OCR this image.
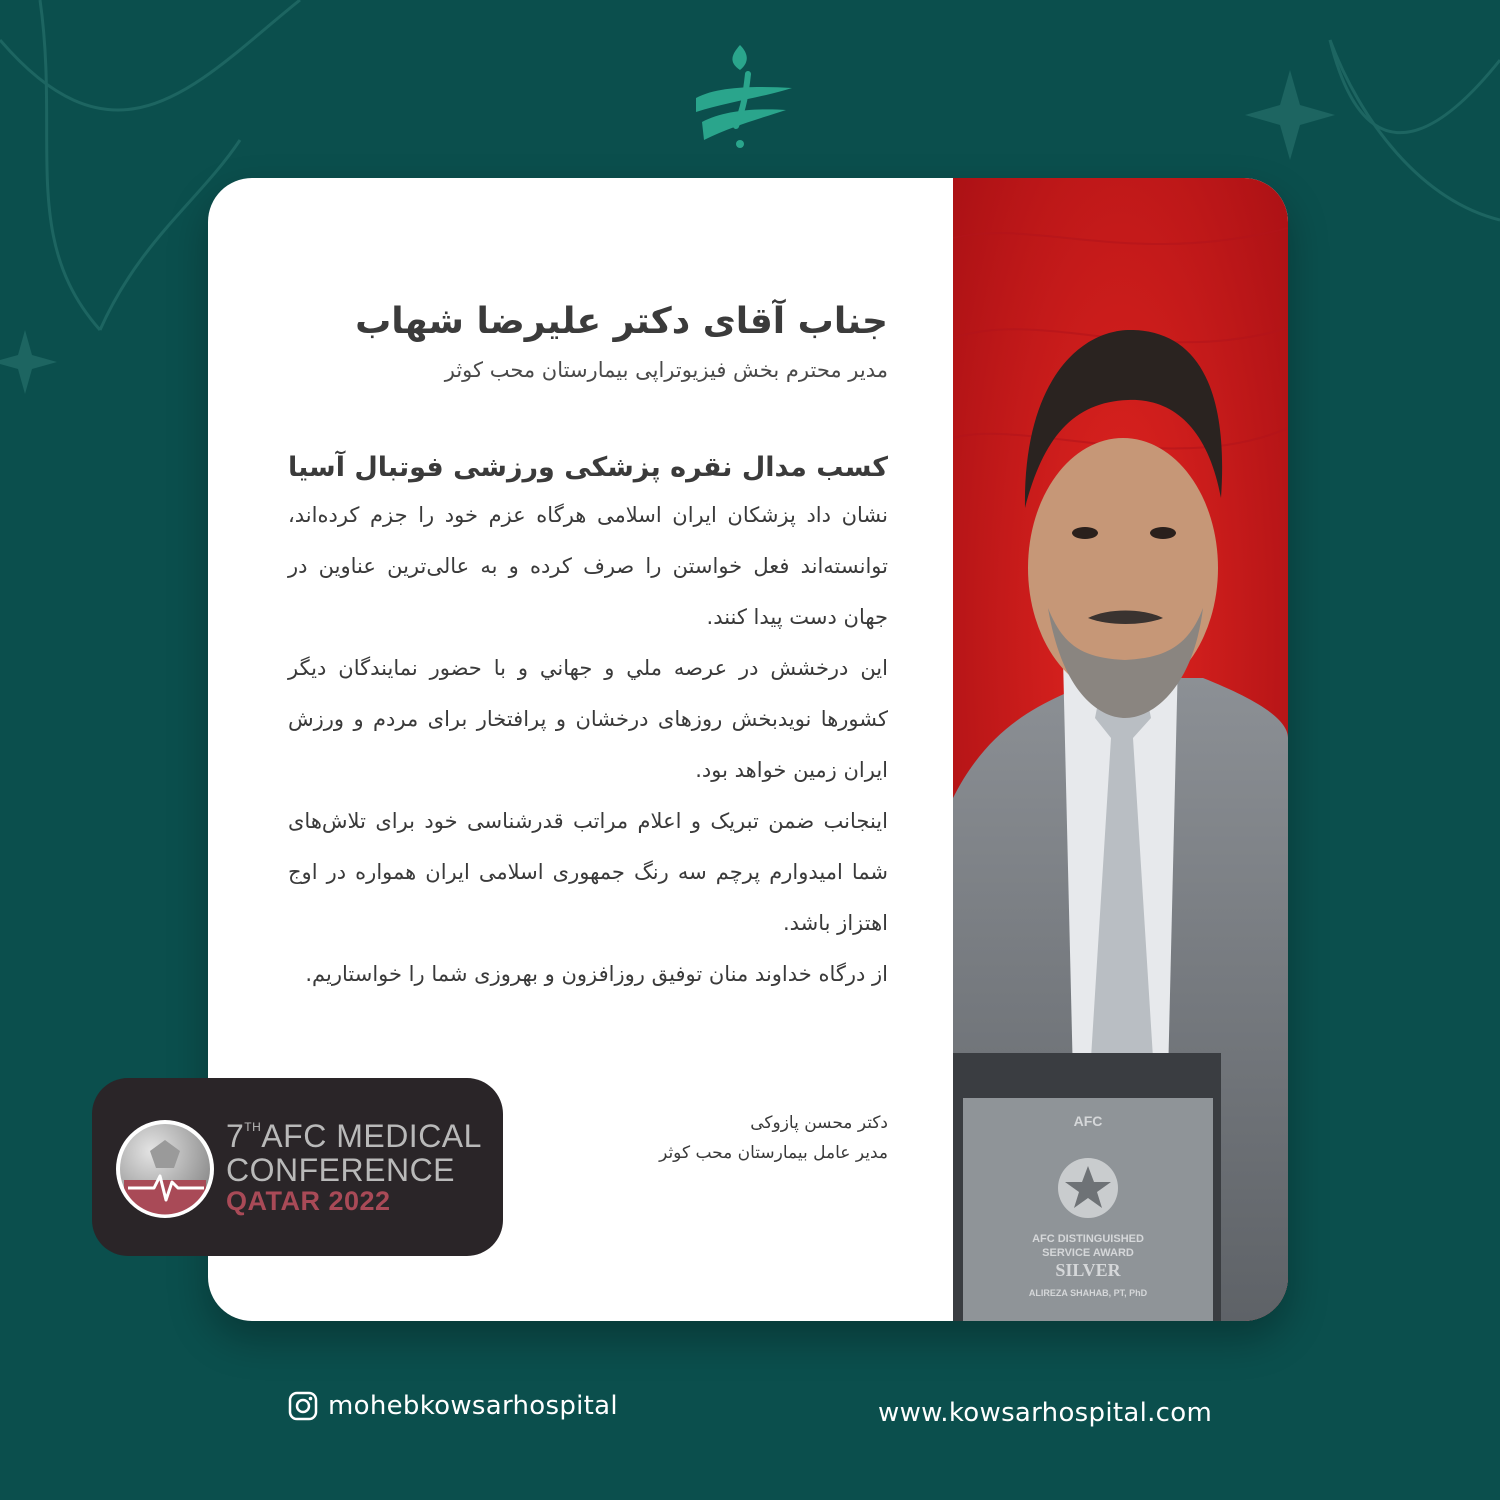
AFC
AFC DISTINGUISHED
SERVICE AWARD
SILVER
ALIREZA SHAHAB, PT, PhD
جناب آقای دکتر علیرضا شهاب

مدیر محترم بخش فیزیوتراپی بیمارستان محب کوثر

کسب مدال نقره پزشکی ورزشی فوتبال آسیا

نشان داد پزشکان ایران اسلامی هرگاه عزم خود را جزم کرده‌اند، توانسته‌اند فعل خواستن را صرف کرده و به عالی‌ترین عناوین در جهان دست پیدا کنند.

این درخشش در عرصه ملي و جهاني و با حضور نمایندگان دیگر کشورها نویدبخش روزهای درخشان و پرافتخار برای مردم و ورزش ایران زمین خواهد بود.

اینجانب ضمن تبریک و اعلام مراتب قدرشناسی خود برای تلاش‌های شما امیدوارم پرچم سه رنگ جمهوری اسلامی ایران همواره در اوج اهتزاز باشد.

از درگاه خداوند منان توفیق روزافزون و بهروزی شما را خواستاریم.

دکتر محسن پازوکی
مدیر عامل بیمارستان محب کوثر
7THAFC MEDICAL
CONFERENCE
QATAR 2022
mohebkowsarhospital	www.kowsarhospital.com
